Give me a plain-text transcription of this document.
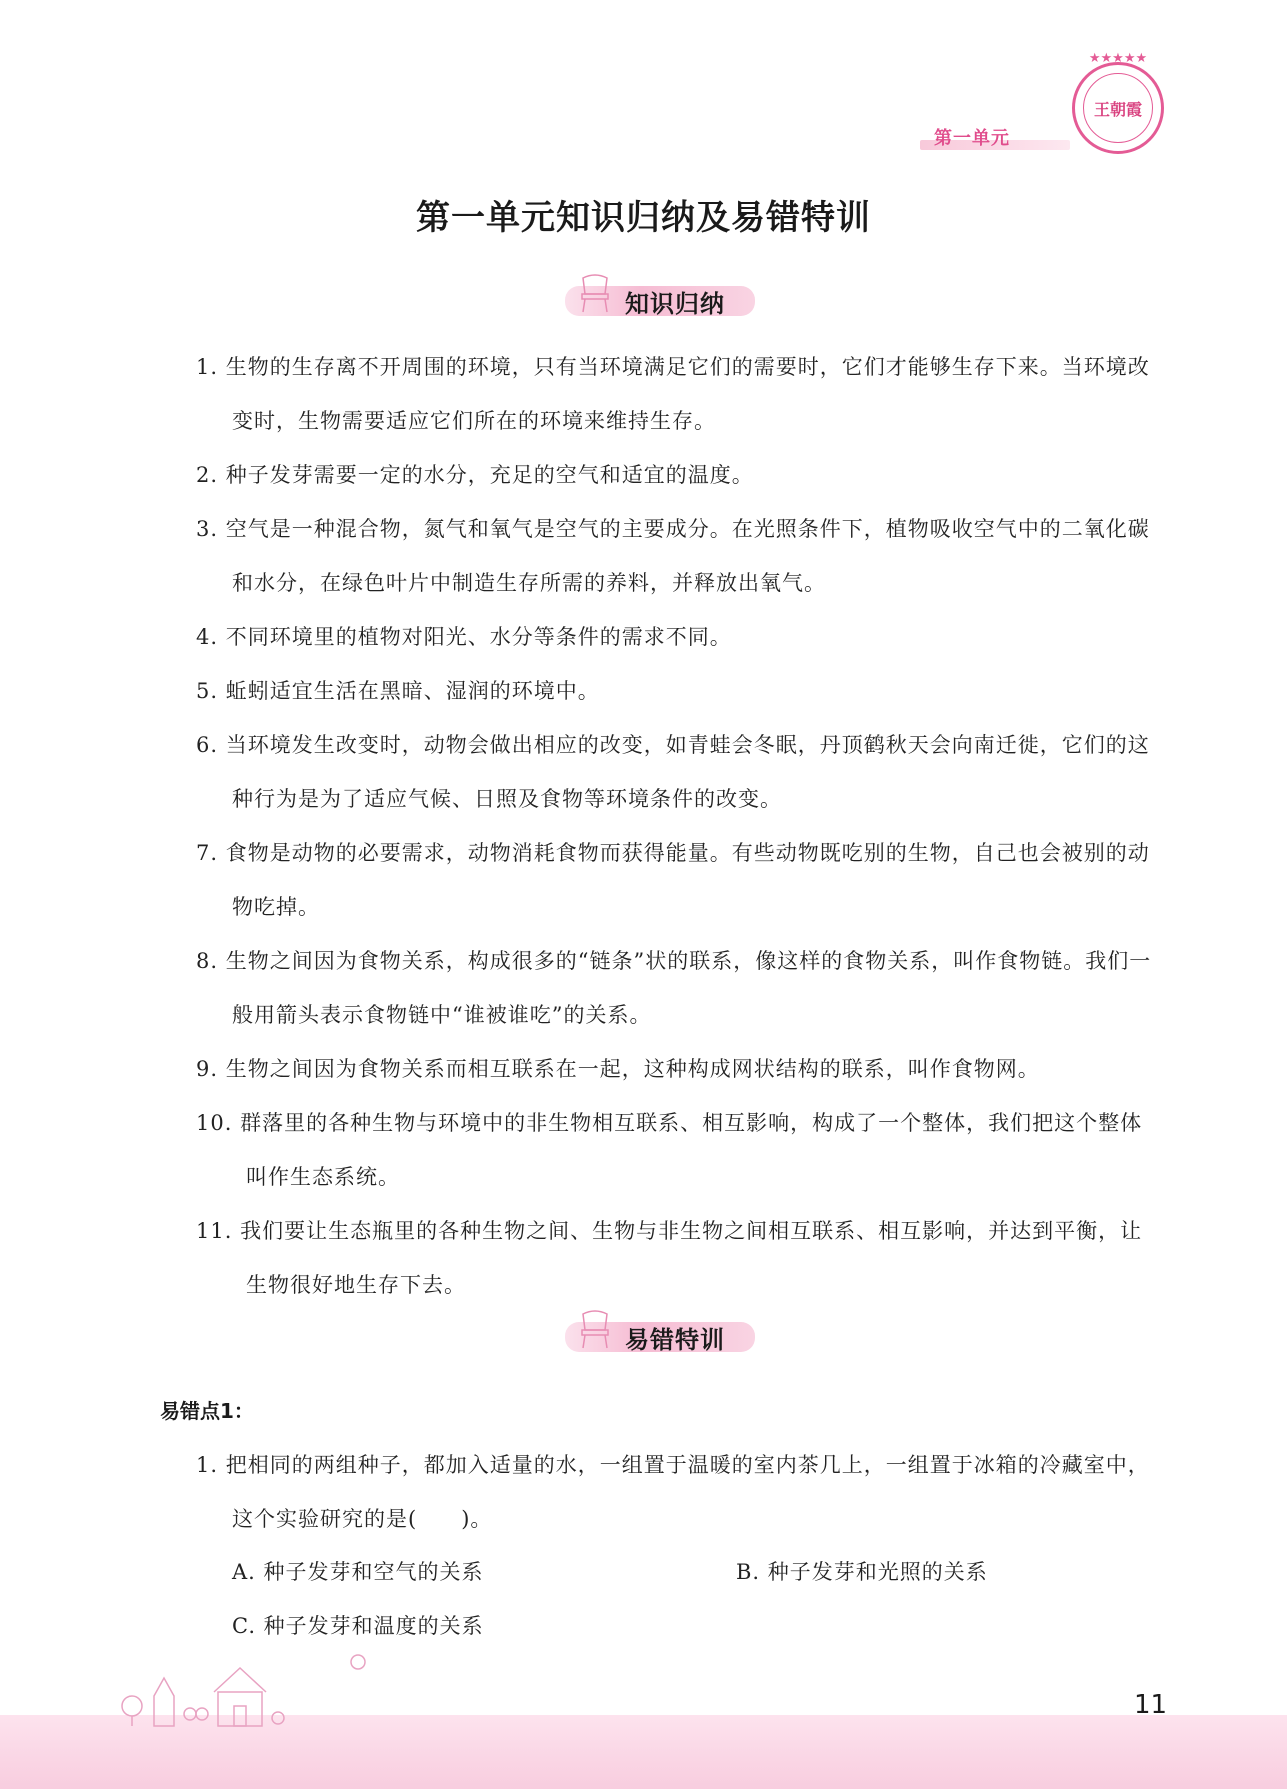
第一单元
★★★★★
王朝霞
第一单元知识归纳及易错特训
知识归纳
1. 生物的生存离不开周围的环境，只有当环境满足它们的需要时，它们才能够生存下来。当环境改变时，生物需要适应它们所在的环境来维持生存。
2. 种子发芽需要一定的水分，充足的空气和适宜的温度。
3. 空气是一种混合物，氮气和氧气是空气的主要成分。在光照条件下，植物吸收空气中的二氧化碳和水分，在绿色叶片中制造生存所需的养料，并释放出氧气。
4. 不同环境里的植物对阳光、水分等条件的需求不同。
5. 蚯蚓适宜生活在黑暗、湿润的环境中。
6. 当环境发生改变时，动物会做出相应的改变，如青蛙会冬眠，丹顶鹤秋天会向南迁徙，它们的这种行为是为了适应气候、日照及食物等环境条件的改变。
7. 食物是动物的必要需求，动物消耗食物而获得能量。有些动物既吃别的生物，自己也会被别的动物吃掉。
8. 生物之间因为食物关系，构成很多的“链条”状的联系，像这样的食物关系，叫作食物链。我们一般用箭头表示食物链中“谁被谁吃”的关系。
9. 生物之间因为食物关系而相互联系在一起，这种构成网状结构的联系，叫作食物网。
10. 群落里的各种生物与环境中的非生物相互联系、相互影响，构成了一个整体，我们把这个整体叫作生态系统。
11. 我们要让生态瓶里的各种生物之间、生物与非生物之间相互联系、相互影响，并达到平衡，让生物很好地生存下去。
易错特训
易错点1：
1. 把相同的两组种子，都加入适量的水，一组置于温暖的室内茶几上，一组置于冰箱的冷藏室中，这个实验研究的是(　　)。
A. 种子发芽和空气的关系	B. 种子发芽和光照的关系
C. 种子发芽和温度的关系
11
